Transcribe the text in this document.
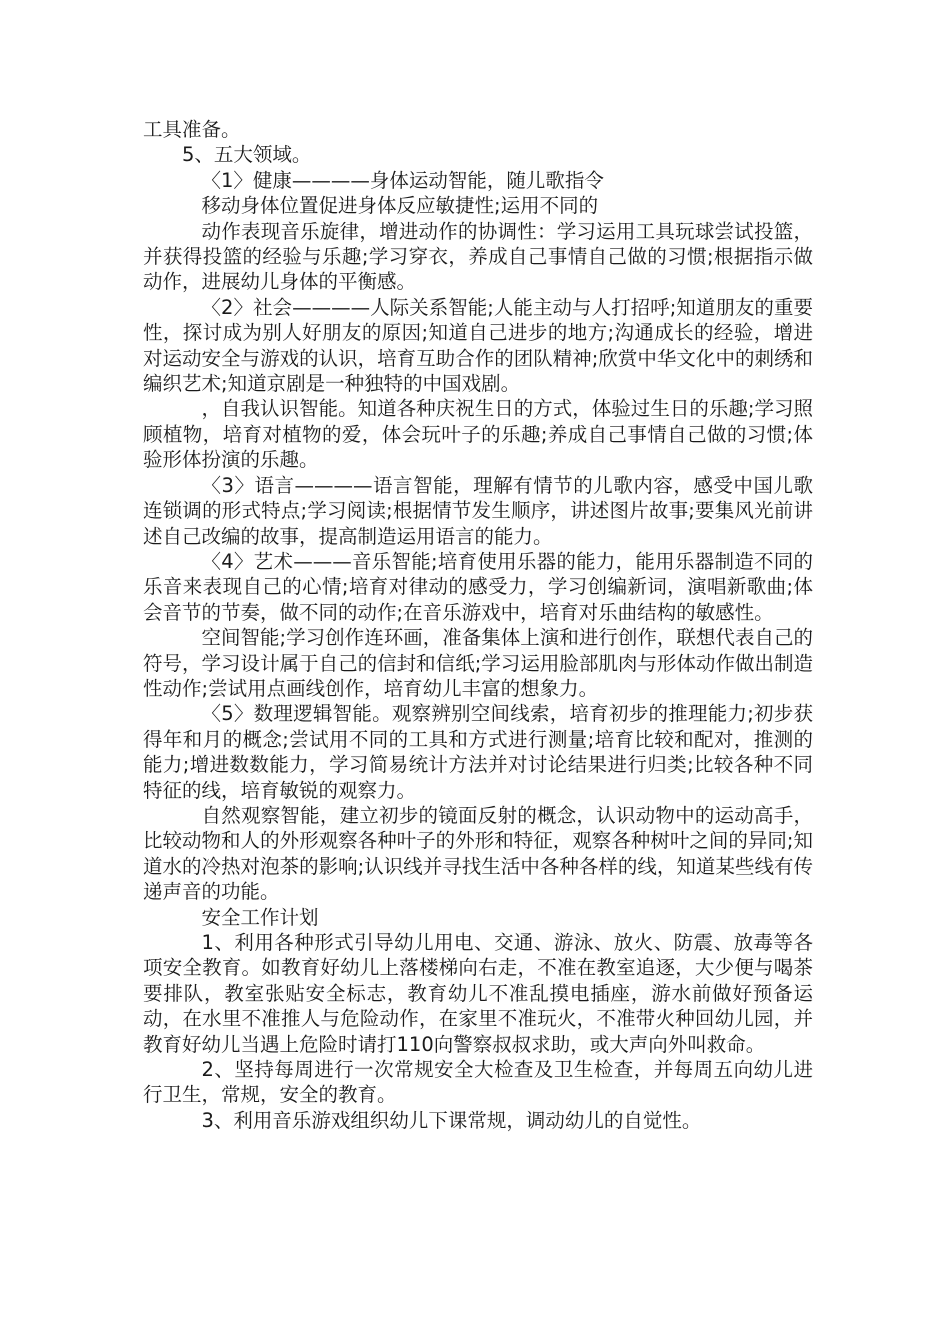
工具准备。

5、五大领域。

〈1〉健康————身体运动智能，随儿歌指令

移动身体位置促进身体反应敏捷性;运用不同的

动作表现音乐旋律，增进动作的协调性：学习运用工具玩球尝试投篮，并获得投篮的经验与乐趣;学习穿衣，养成自己事情自己做的习惯;根据指示做动作，进展幼儿身体的平衡感。

〈2〉社会————人际关系智能;人能主动与人打招呼;知道朋友的重要性，探讨成为别人好朋友的原因;知道自己进步的地方;沟通成长的经验，增进对运动安全与游戏的认识，培育互助合作的团队精神;欣赏中华文化中的刺绣和编织艺术;知道京剧是一种独特的中国戏剧。

，自我认识智能。知道各种庆祝生日的方式，体验过生日的乐趣;学习照顾植物，培育对植物的爱，体会玩叶子的乐趣;养成自己事情自己做的习惯;体验形体扮演的乐趣。

〈3〉语言————语言智能，理解有情节的儿歌内容，感受中国儿歌连锁调的形式特点;学习阅读;根据情节发生顺序，讲述图片故事;要集风光前讲述自己改编的故事，提高制造运用语言的能力。

〈4〉艺术———音乐智能;培育使用乐器的能力，能用乐器制造不同的乐音来表现自己的心情;培育对律动的感受力，学习创编新词，演唱新歌曲;体会音节的节奏，做不同的动作;在音乐游戏中，培育对乐曲结构的敏感性。

空间智能;学习创作连环画，准备集体上演和进行创作，联想代表自己的符号，学习设计属于自己的信封和信纸;学习运用脸部肌肉与形体动作做出制造性动作;尝试用点画线创作，培育幼儿丰富的想象力。

〈5〉数理逻辑智能。观察辨别空间线索，培育初步的推理能力;初步获得年和月的概念;尝试用不同的工具和方式进行测量;培育比较和配对，推测的能力;增进数数能力，学习简易统计方法并对讨论结果进行归类;比较各种不同特征的线，培育敏锐的观察力。

自然观察智能，建立初步的镜面反射的概念，认识动物中的运动高手，比较动物和人的外形观察各种叶子的外形和特征，观察各种树叶之间的异同;知道水的冷热对泡茶的影响;认识线并寻找生活中各种各样的线，知道某些线有传递声音的功能。

安全工作计划

1、利用各种形式引导幼儿用电、交通、游泳、放火、防震、放毒等各项安全教育。如教育好幼儿上落楼梯向右走，不准在教室追逐，大少便与喝茶要排队，教室张贴安全标志，教育幼儿不准乱摸电插座，游水前做好预备运动，在水里不准推人与危险动作，在家里不准玩火，不准带火种回幼儿园，并教育好幼儿当遇上危险时请打110向警察叔叔求助，或大声向外叫救命。

2、坚持每周进行一次常规安全大检查及卫生检查，并每周五向幼儿进行卫生，常规，安全的教育。

3、利用音乐游戏组织幼儿下课常规，调动幼儿的自觉性。
